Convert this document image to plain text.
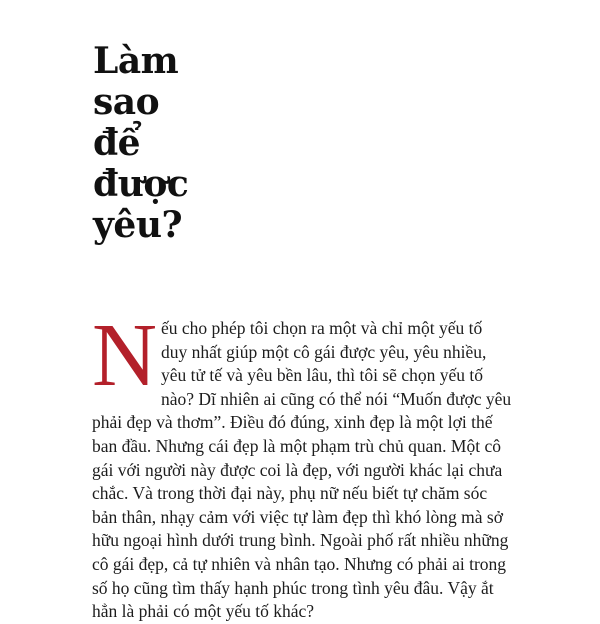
Làm
sao
để
được
yêu?

Nếu cho phép tôi chọn ra một và chỉ một yếu tố duy nhất giúp một cô gái được yêu, yêu nhiều, yêu tử tế và yêu bền lâu, thì tôi sẽ chọn yếu tố nào? Dĩ nhiên ai cũng có thể nói “Muốn được yêu phải đẹp và thơm”. Điều đó đúng, xinh đẹp là một lợi thế ban đầu. Nhưng cái đẹp là một phạm trù chủ quan. Một cô gái với người này được coi là đẹp, với người khác lại chưa chắc. Và trong thời đại này, phụ nữ nếu biết tự chăm sóc bản thân, nhạy cảm với việc tự làm đẹp thì khó lòng mà sở hữu ngoại hình dưới trung bình. Ngoài phố rất nhiều những cô gái đẹp, cả tự nhiên và nhân tạo. Nhưng có phải ai trong số họ cũng tìm thấy hạnh phúc trong tình yêu đâu. Vậy ắt hẳn là phải có một yếu tố khác?
